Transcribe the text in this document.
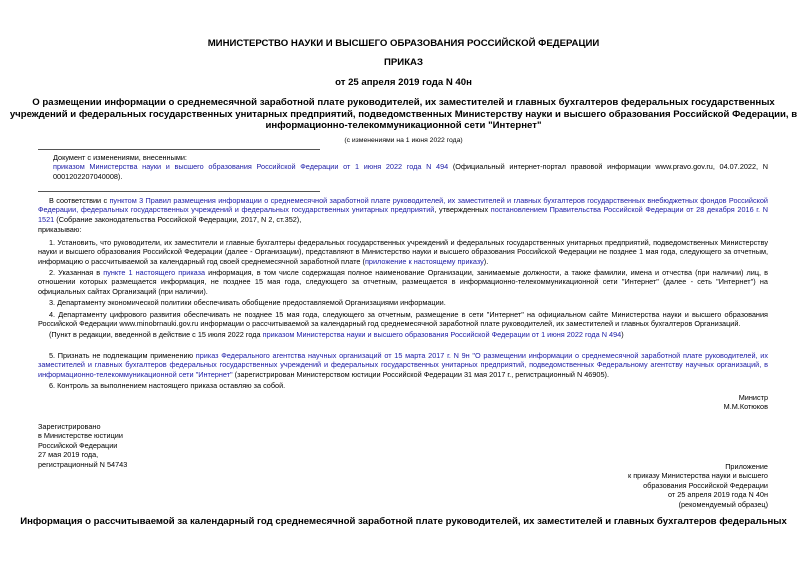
МИНИСТЕРСТВО НАУКИ И ВЫСШЕГО ОБРАЗОВАНИЯ РОССИЙСКОЙ ФЕДЕРАЦИИ
ПРИКАЗ
от 25 апреля 2019 года N 40н
О размещении информации о среднемесячной заработной плате руководителей, их заместителей и главных бухгалтеров федеральных государственных
учреждений и федеральных государственных унитарных предприятий, подведомственных Министерству науки и высшего образования Российской Федерации, в
информационно-телекоммуникационной сети "Интернет"
(с изменениями на 1 июня 2022 года)
Документ с изменениями, внесенными:
приказом Министерства науки и высшего образования Российской Федерации от 1 июня 2022 года N 494 (Официальный интернет-портал правовой информации www.pravo.gov.ru, 04.07.2022, N 0001202207040008).
В соответствии с пунктом 3 Правил размещения информации о среднемесячной заработной плате руководителей, их заместителей и главных бухгалтеров государственных внебюджетных фондов Российской Федерации, федеральных государственных учреждений и федеральных государственных унитарных предприятий, утвержденных постановлением Правительства Российской Федерации от 28 декабря 2016 г. N 1521 (Собрание законодательства Российской Федерации, 2017, N 2, ст.352),
приказываю:
1. Установить, что руководители, их заместители и главные бухгалтеры федеральных государственных учреждений и федеральных государственных унитарных предприятий, подведомственных Министерству науки и высшего образования Российской Федерации (далее - Организации), представляют в Министерство науки и высшего образования Российской Федерации не позднее 1 мая года, следующего за отчетным, информацию о рассчитываемой за календарный год своей среднемесячной заработной плате (приложение к настоящему приказу).
2. Указанная в пункте 1 настоящего приказа информация, в том числе содержащая полное наименование Организации, занимаемые должности, а также фамилии, имена и отчества (при наличии) лиц, в отношении которых размещается информация, не позднее 15 мая года, следующего за отчетным, размещается в информационно-телекоммуникационной сети "Интернет" (далее - сеть "Интернет") на официальных сайтах Организаций (при наличии).
3. Департаменту экономической политики обеспечивать обобщение предоставляемой Организациями информации.
4. Департаменту цифрового развития обеспечивать не позднее 15 мая года, следующего за отчетным, размещение в сети "Интернет" на официальном сайте Министерства науки и высшего образования Российской Федерации www.minobrnauki.gov.ru информации о рассчитываемой за календарный год среднемесячной заработной плате руководителей, их заместителей и главных бухгалтеров Организаций.
(Пункт в редакции, введенной в действие с 15 июля 2022 года приказом Министерства науки и высшего образования Российской Федерации от 1 июня 2022 года N 494)
5. Признать не подлежащим применению приказ Федерального агентства научных организаций от 15 марта 2017 г. N 9н "О размещении информации о среднемесячной заработной плате руководителей, их заместителей и главных бухгалтеров федеральных государственных учреждений и федеральных государственных унитарных предприятий, подведомственных Федеральному агентству научных организаций, в информационно-телекоммуникационной сети "Интернет" (зарегистрирован Министерством юстиции Российской Федерации 31 мая 2017 г., регистрационный N 46905).
6. Контроль за выполнением настоящего приказа оставляю за собой.
Министр
М.М.Котюков
Зарегистрировано
в Министерстве юстиции
Российской Федерации
27 мая 2019 года,
регистрационный N 54743	Приложение
к приказу Министерства науки и высшего
образования Российской Федерации
от 25 апреля 2019 года N 40н
(рекомендуемый образец)
Информация о рассчитываемой за календарный год среднемесячной заработной плате руководителей, их заместителей и главных бухгалтеров федеральных
